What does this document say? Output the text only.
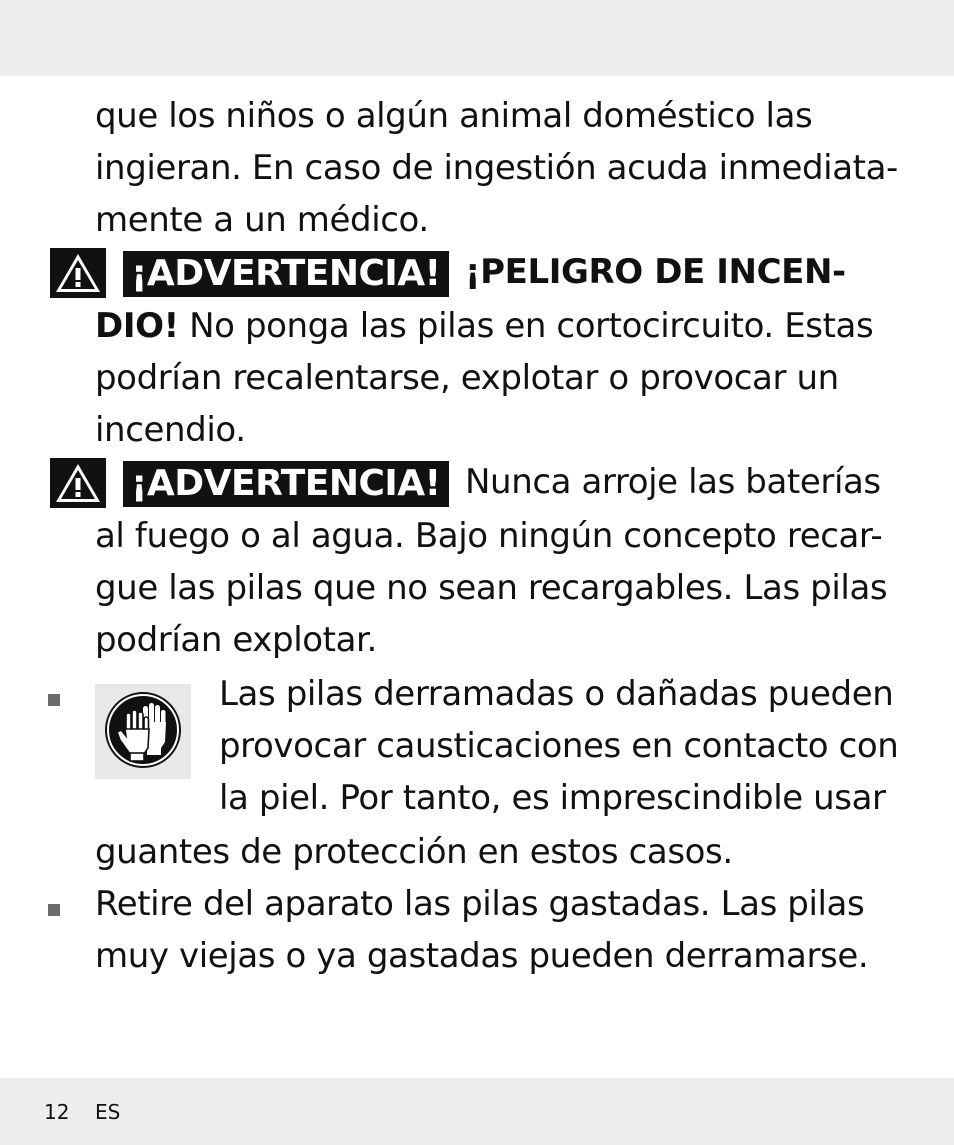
que los niños o algún animal doméstico las
ingieran. En caso de ingestión acuda inmediata-
mente a un médico.
¡ADVERTENCIA! ¡PELIGRO DE INCEN-
DIO! No ponga las pilas en cortocircuito. Estas
podrían recalentarse, explotar o provocar un
incendio.
¡ADVERTENCIA! Nunca arroje las baterías
al fuego o al agua. Bajo ningún concepto recar-
gue las pilas que no sean recargables. Las pilas
podrían explotar.
Las pilas derramadas o dañadas pueden
provocar causticaciones en contacto con
la piel. Por tanto, es imprescindible usar
guantes de protección en estos casos.
Retire del aparato las pilas gastadas. Las pilas
muy viejas o ya gastadas pueden derramarse.
12 ES
